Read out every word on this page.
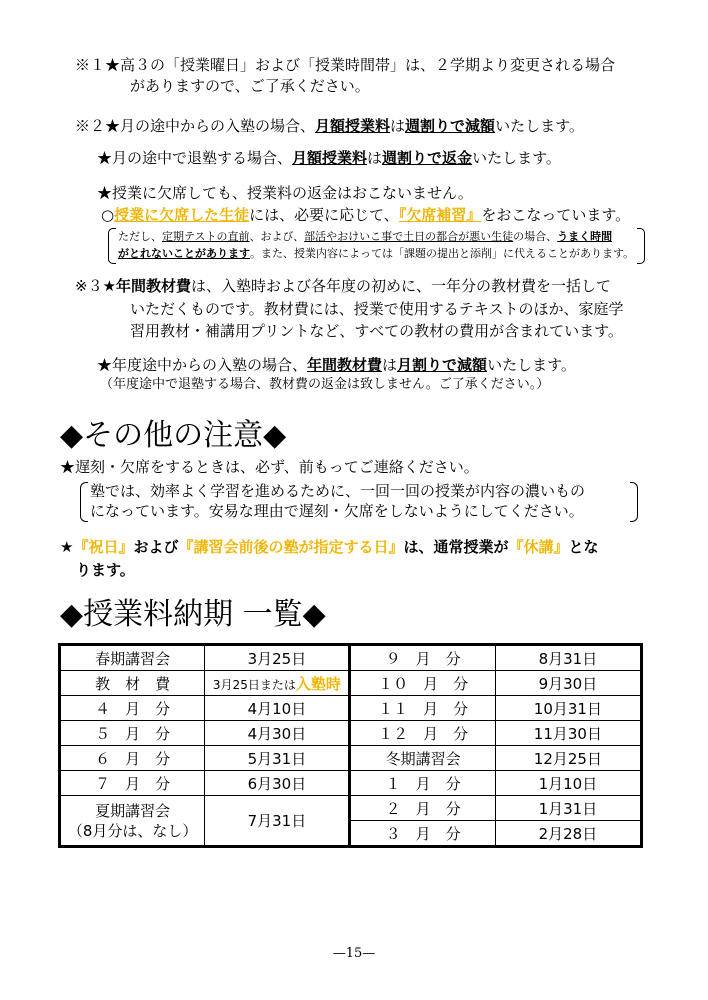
※１★高３の「授業曜日」および「授業時間帯」は、２学期より変更される場合
がありますので、ご了承ください。
※２★月の途中からの入塾の場合、月額授業料は週割りで減額いたします。
★月の途中で退塾する場合、月額授業料は週割りで返金いたします。
★授業に欠席しても、授業料の返金はおこないません。
○授業に欠席した生徒には、必要に応じて、『欠席補習』をおこなっています。
ただし、定期テストの直前、および、部活やおけいこ事で土日の都合が悪い生徒の場合、うまく時間
がとれないことがあります。また、授業内容によっては「課題の提出と添削」に代えることがあります。
※３★年間教材費は、入塾時および各年度の初めに、一年分の教材費を一括して
いただくものです。教材費には、授業で使用するテキストのほか、家庭学
習用教材・補講用プリントなど、すべての教材の費用が含まれています。
★年度途中からの入塾の場合、年間教材費は月割りで減額いたします。
（年度途中で退塾する場合、教材費の返金は致しません。ご了承ください。）
◆その他の注意◆
★遅刻・欠席をするときは、必ず、前もってご連絡ください。
塾では、効率よく学習を進めるために、一回一回の授業が内容の濃いもの
になっています。安易な理由で遅刻・欠席をしないようにしてください。
★『祝日』および『講習会前後の塾が指定する日』は、通常授業が『休講』とな
ります。
◆授業料納期 一覧◆
春期講習会	3月25日	９　月　分	8月31日
教　材　費	3月25日または入塾時	１０　月　分	9月30日
４　月　分	4月10日	１１　月　分	10月31日
５　月　分	4月30日	１２　月　分	11月30日
６　月　分	5月31日	冬期講習会	12月25日
７　月　分	6月30日	１　月　分	1月10日

夏期講習会
（8月分は、なし）	7月31日	２　月　分	1月31日
		３　月　分	2月28日
—15—
